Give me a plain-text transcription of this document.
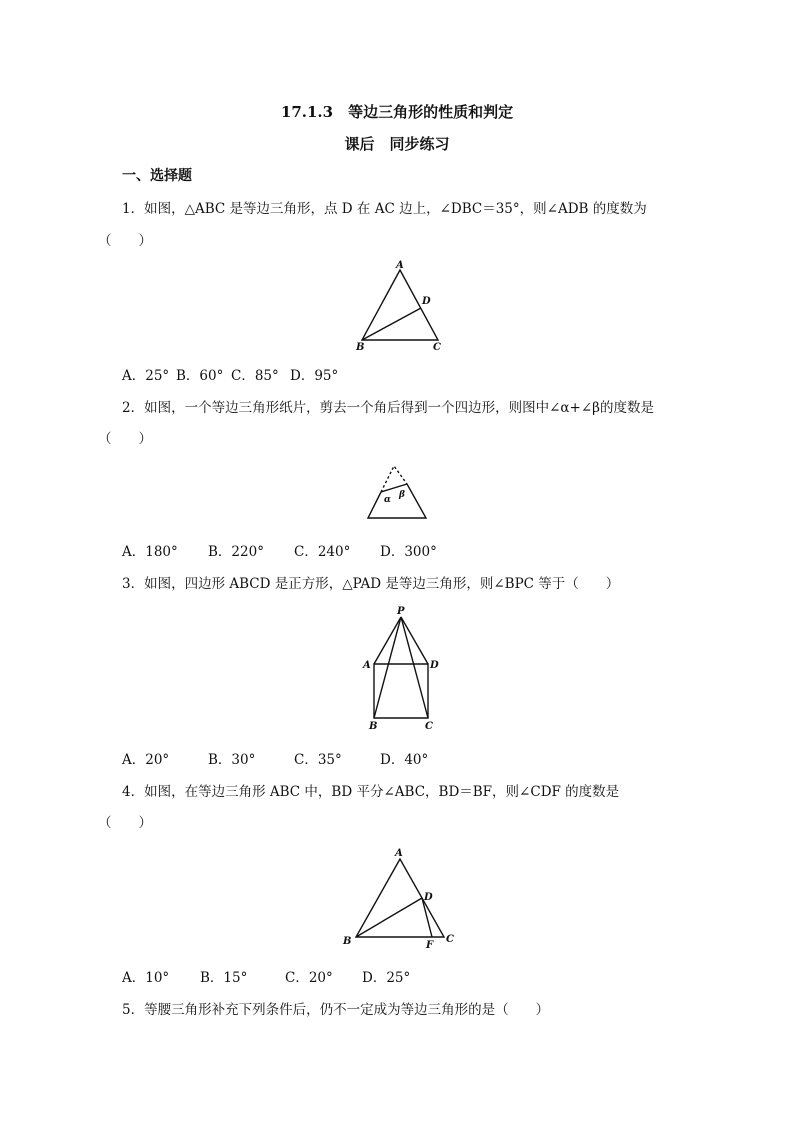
17.1.3　等边三角形的性质和判定
课后　同步练习
一、选择题
1．如图，△ABC 是等边三角形，点 D 在 AC 边上，∠DBC＝35°，则∠ADB 的度数为
（　　）
A
D
B	C
A．25° B．60° C．85° D．95°
2．如图，一个等边三角形纸片，剪去一个角后得到一个四边形，则图中∠α+∠β的度数是
（　　）
α β
A．180° B．220° C．240° D．300°
3．如图，四边形 ABCD 是正方形，△PAD 是等边三角形，则∠BPC 等于（　　）
P
A	D
B	C
A．20°	B．30°	C．35°	D．40°
4．如图，在等边三角形 ABC 中，BD 平分∠ABC，BD＝BF，则∠CDF 的度数是
（　　）
A
D
B	F
C
A．10° B．15°	C．20° D．25°
5．等腰三角形补充下列条件后，仍不一定成为等边三角形的是（　　）
